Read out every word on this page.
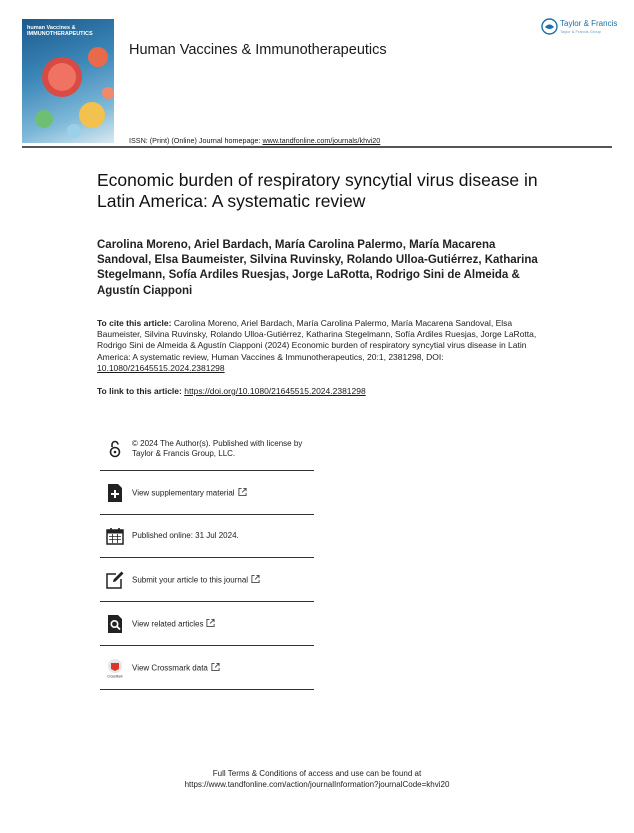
human Vaccines & IMMUNOTHERAPEUTICS
Human Vaccines & Immunotherapeutics
Taylor & Francis
Taylor & Francis Group
ISSN: (Print) (Online) Journal homepage: www.tandfonline.com/journals/khvi20
Economic burden of respiratory syncytial virus disease in Latin America: A systematic review
Carolina Moreno, Ariel Bardach, María Carolina Palermo, María Macarena Sandoval, Elsa Baumeister, Silvina Ruvinsky, Rolando Ulloa-Gutiérrez, Katharina Stegelmann, Sofía Ardiles Ruesjas, Jorge LaRotta, Rodrigo Sini de Almeida & Agustín Ciapponi
To cite this article: Carolina Moreno, Ariel Bardach, María Carolina Palermo, María Macarena Sandoval, Elsa Baumeister, Silvina Ruvinsky, Rolando Ulloa-Gutiérrez, Katharina Stegelmann, Sofía Ardiles Ruesjas, Jorge LaRotta, Rodrigo Sini de Almeida & Agustín Ciapponi (2024) Economic burden of respiratory syncytial virus disease in Latin America: A systematic review, Human Vaccines & Immunotherapeutics, 20:1, 2381298, DOI: 10.1080/21645515.2024.2381298
To link to this article: https://doi.org/10.1080/21645515.2024.2381298
© 2024 The Author(s). Published with license by Taylor & Francis Group, LLC.
View supplementary material
Published online: 31 Jul 2024.
Submit your article to this journal
View related articles
CrossMark
View Crossmark data
Full Terms & Conditions of access and use can be found at
https://www.tandfonline.com/action/journalInformation?journalCode=khvi20
